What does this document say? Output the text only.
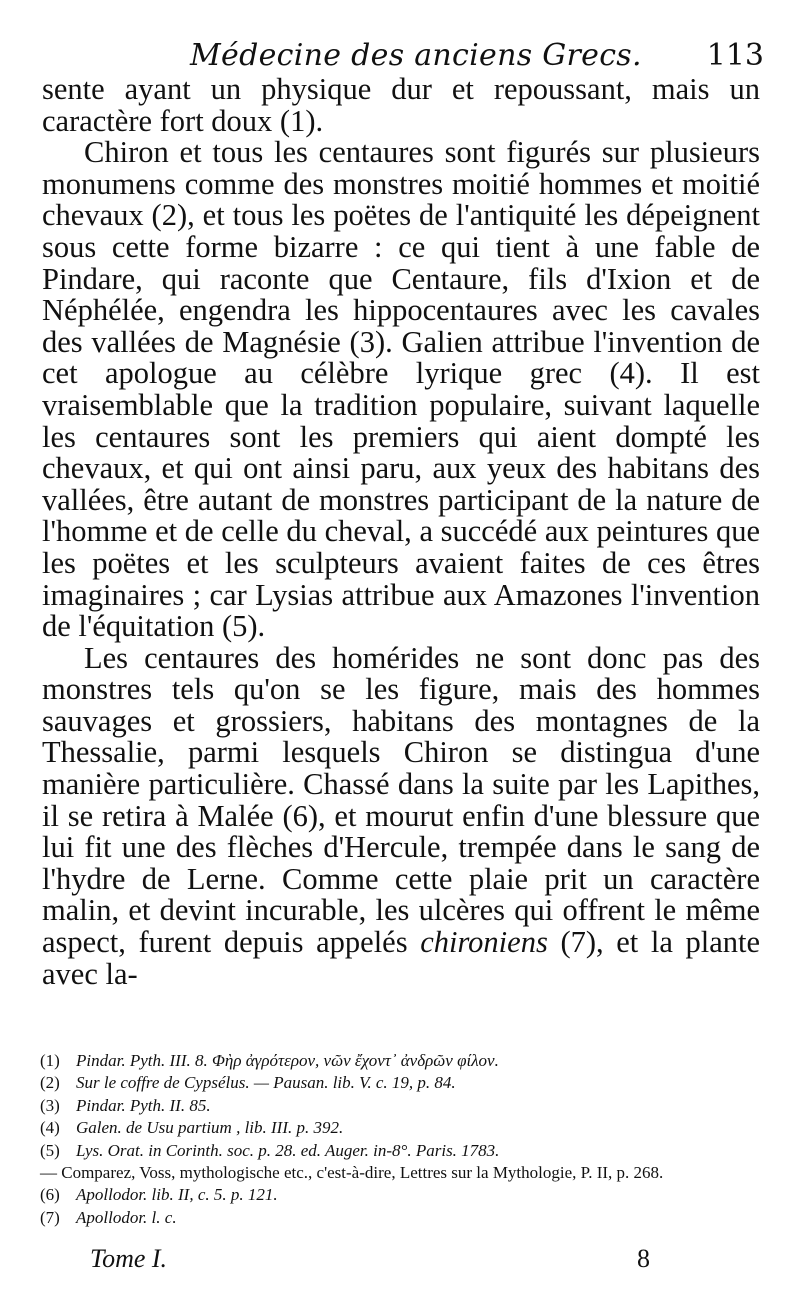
Médecine des anciens Grecs. 113

sente ayant un physique dur et repoussant, mais un caractère fort doux (1).

Chiron et tous les centaures sont figurés sur plusieurs monumens comme des monstres moitié hommes et moitié chevaux (2), et tous les poëtes de l'antiquité les dépeignent sous cette forme bizarre : ce qui tient à une fable de Pindare, qui raconte que Centaure, fils d'Ixion et de Néphélée, engendra les hippocentaures avec les cavales des vallées de Magnésie (3). Galien attribue l'invention de cet apologue au célèbre lyrique grec (4). Il est vraisemblable que la tradition populaire, suivant laquelle les centaures sont les premiers qui aient dompté les chevaux, et qui ont ainsi paru, aux yeux des habitans des vallées, être autant de monstres participant de la nature de l'homme et de celle du cheval, a succédé aux peintures que les poëtes et les sculpteurs avaient faites de ces êtres imaginaires ; car Lysias attribue aux Amazones l'invention de l'équitation (5).

Les centaures des homérides ne sont donc pas des monstres tels qu'on se les figure, mais des hommes sauvages et grossiers, habitans des montagnes de la Thessalie, parmi lesquels Chiron se distingua d'une manière particulière. Chassé dans la suite par les Lapithes, il se retira à Malée (6), et mourut enfin d'une blessure que lui fit une des flèches d'Hercule, trempée dans le sang de l'hydre de Lerne. Comme cette plaie prit un caractère malin, et devint incurable, les ulcères qui offrent le même aspect, furent depuis appelés chironiens (7), et la plante avec la-

(1) Pindar. Pyth. III. 8. Φὴρ ἀγρότερον, νῶν ἔχοντ᾽ ἀνδρῶν φίλον.
(2) Sur le coffre de Cypsélus. — Pausan. lib. V. c. 19, p. 84.
(3) Pindar. Pyth. II. 85.
(4) Galen. de Usu partium , lib. III. p. 392.
(5) Lys. Orat. in Corinth. soc. p. 28. ed. Auger. in-8°. Paris. 1783.
— Comparez, Voss, mythologische etc., c'est-à-dire, Lettres sur la Mythologie, P. II, p. 268.
(6) Apollodor. lib. II, c. 5. p. 121.
(7) Apollodor. l. c.
Tome I.	8
